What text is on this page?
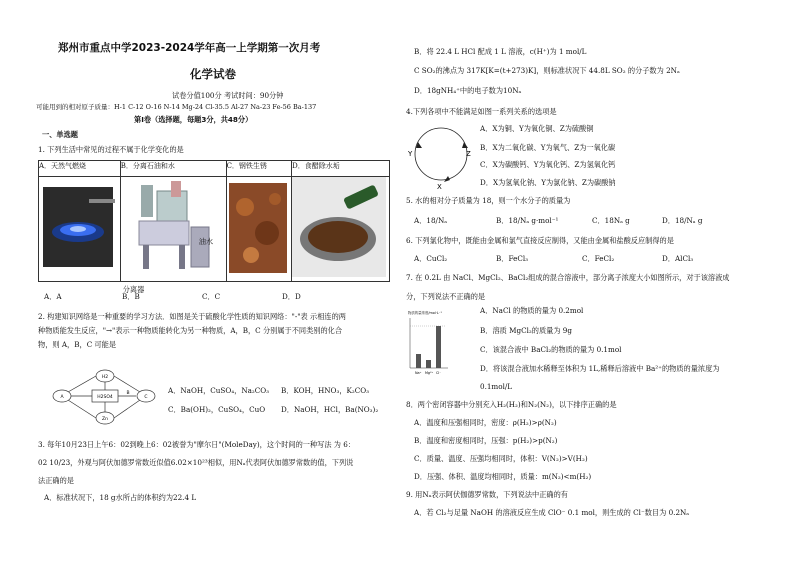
郑州市重点中学2023-2024学年高一上学期第一次月考
化学试卷
试卷分值100分 考试时间：90分钟
可能用到的相对原子质量：H-1 C-12 O-16 N-14 Mg-24 Cl-35.5 Al-27 Na-23 Fe-56 Ba-137
第Ⅰ卷（选择题，每题3分，共48分）
一、单选题
1. 下列生活中常见的过程不属于化学变化的是
A．天然气燃烧	B．分离石油和水	C．钢铁生锈	D．食醋除水垢

油水
分离器

A．A	B．B	C．C	D．D
2. 构建知识网络是一种重要的学习方法．如图是关于硫酸化学性质的知识网络："-"表 示相连的两
种物质能发生反应，"→"表示一种物质能转化为另一种物质，A，B，C 分别属于不同类别的化合
物，则 A，B，C 可能是
H2
A	H2SO4	C
Zn
B	A．NaOH，CuSO₄，Na₂CO₃ B．KOH，HNO₃，K₂CO₃
C．Ba(OH)₂，CuSO₄，CuO D．NaOH，HCl，Ba(NO₃)₂
3. 每年10月23日上午6：02到晚上6：02被誉为"摩尔日"(MoleDay)，这个时间的一种写法 为 6：
02 10/23，外观与阿伏加德罗常数近似值6.02×10²³相似，用Nₐ代表阿伏加德罗常数的值，下列说
法正确的是
A．标准状况下，18 g水所占的体积约为22.4 L
B．将 22.4 L HCl 配成 1 L 溶液，c(H⁺)为 1 mol/L
C SO₂的沸点为 317K[K=(t+273)K]，则标准状况下 44.8L SO₂ 的分子数为 2Nₐ
D．18gNH₄⁺中的电子数为10Nₐ
4.下列各项中不能满足如图一系列关系的选项是
Y	Z
X
A．X为铜、Y为氧化铜、Z为硫酸铜
B．X为二氧化碳、Y为氧气、Z为一氧化碳
C．X为碳酸钙、Y为氧化钙、Z为氢氧化钙
D．X为氢氧化钠、Y为氯化钠、Z为碳酸钠
5. 水的相对分子质量为 18，则一个水分子的质量为
A．18/Nₐ	B．18/Nₐ g·mol⁻¹	C．18Nₐ g	D．18/Nₐ g
6. 下列氯化物中，既能由金属和氯气直接反应制得，又能由金属和盐酸反应制得的是
A．CuCl₂	B．FeCl₃	C．FeCl₂	D．AlCl₃
7. 在 0.2L 由 NaCl、MgCl₂、BaCl₂组成的混合溶液中，部分离子浓度大小如图所示，对于该溶液成
分，下列说法不正确的是
物质的量浓度/mol·L⁻¹
Na⁺ Mg²⁺ Cl⁻
A．NaCl 的物质的量为 0.2mol
B．溶质 MgCl₂的质量为 9g
C．该混合液中 BaCl₂的物质的量为 0.1mol
D．将该混合液加水稀释至体积为 1L,稀释后溶液中 Ba²⁺的物质的量浓度为
0.1mol/L
8．两个密闭容器中分别充入H₂(H₂)和N₂(N₂)，以下排序正确的是
A．温度和压强相同时，密度：ρ(H₂)>ρ(N₂)
B．温度和密度相同时，压强：p(H₂)>p(N₂)
C．质量、温度、压强均相同时，体积：V(N₂)>V(H₂)
D．压强、体积、温度均相同时，质量：m(N₂)<m(H₂)
9. 用Nₐ表示阿伏伽德罗常数，下列说法中正确的有
A．若 Cl₂与足量 NaOH 的溶液反应生成 ClO⁻ 0.1 mol，则生成的 Cl⁻数目为 0.2Nₐ
